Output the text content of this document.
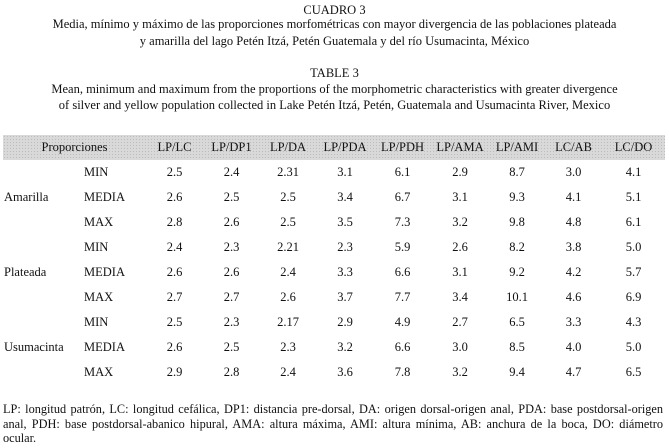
CUADRO 3
Media, mínimo y máximo de las proporciones morfométricas con mayor divergencia de las poblaciones plateada
y amarilla del lago Petén Itzá, Petén Guatemala y del río Usumacinta, México
TABLE 3
Mean, minimum and maximum from the proportions of the morphometric characteristics with greater divergence
of silver and yellow population collected in Lake Petén Itzá, Petén, Guatemala and Usumacinta River, Mexico
Proporciones		LP/LC	LP/DP1	LP/DA	LP/PDA	LP/PDH	LP/AMA	LP/AMI	LC/AB	LC/DO
Amarilla	MIN	2.5	2.4	2.31	3.1	6.1	2.9	8.7	3.0	4.1
	MEDIA	2.6	2.5	2.5	3.4	6.7	3.1	9.3	4.1	5.1
	MAX	2.8	2.6	2.5	3.5	7.3	3.2	9.8	4.8	6.1
Plateada	MIN	2.4	2.3	2.21	2.3	5.9	2.6	8.2	3.8	5.0
	MEDIA	2.6	2.6	2.4	3.3	6.6	3.1	9.2	4.2	5.7
	MAX	2.7	2.7	2.6	3.7	7.7	3.4	10.1	4.6	6.9
Usumacinta	MIN	2.5	2.3	2.17	2.9	4.9	2.7	6.5	3.3	4.3
	MEDIA	2.6	2.5	2.3	3.2	6.6	3.0	8.5	4.0	5.0
	MAX	2.9	2.8	2.4	3.6	7.8	3.2	9.4	4.7	6.5
LP: longitud patrón, LC: longitud cefálica, DP1: distancia pre-dorsal, DA: origen dorsal-origen anal, PDA: base postdorsal-origen anal, PDH: base postdorsal-abanico hipural, AMA: altura máxima, AMI: altura mínima, AB: anchura de la boca, DO: diámetro ocular.
